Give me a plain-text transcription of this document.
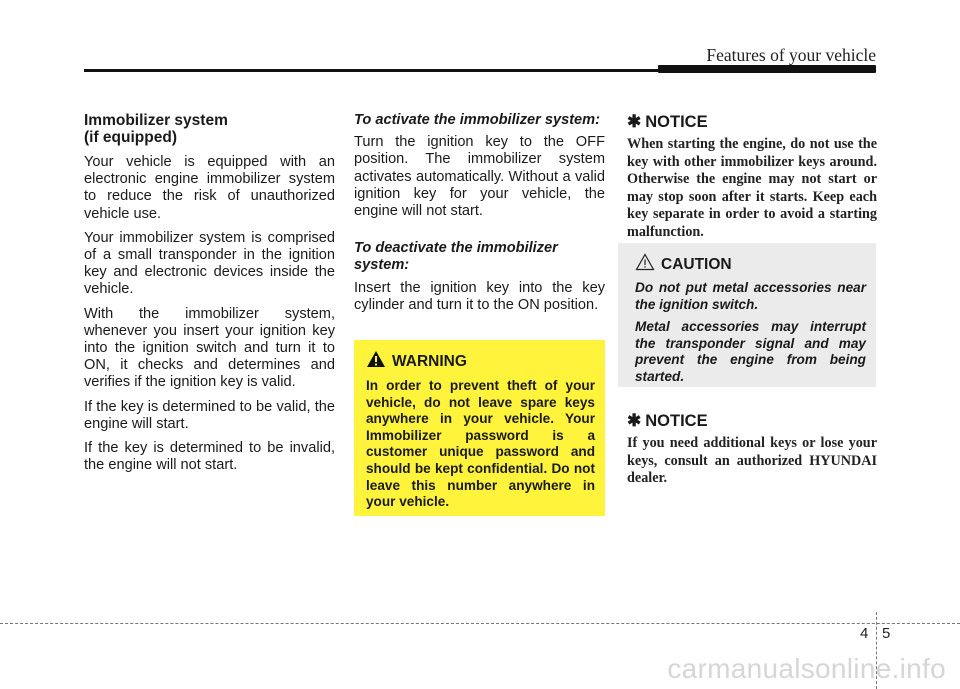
Features of your vehicle
Immobilizer system
(if equipped)

Your vehicle is equipped with an electronic engine immobilizer system to reduce the risk of unauthorized vehicle use.

Your immobilizer system is comprised of a small transponder in the ignition key and electronic devices inside the vehicle.

With the immobilizer system, whenever you insert your ignition key into the ignition switch and turn it to ON, it checks and determines and verifies if the ignition key is valid.

If the key is determined to be valid, the engine will start.

If the key is determined to be invalid, the engine will not start.

To activate the immobilizer system:

Turn the ignition key to the OFF position. The immobilizer system activates automatically. Without a valid ignition key for your vehicle, the engine will not start.

To deactivate the immobilizer system:

Insert the ignition key into the key cylinder and turn it to the ON position.

WARNING
In order to prevent theft of your vehicle, do not leave spare keys anywhere in your vehicle. Your Immobilizer password is a customer unique password and should be kept confidential. Do not leave this number anywhere in your vehicle.
✱ NOTICE
When starting the engine, do not use the key with other immobilizer keys around. Otherwise the engine may not start or may stop soon after it starts. Keep each key separate in order to avoid a starting malfunction.
CAUTION

Do not put metal accessories near the ignition switch.

Metal accessories may interrupt the transponder signal and may prevent the engine from being started.

✱ NOTICE
If you need additional keys or lose your keys, consult an authorized HYUNDAI dealer.
4 5
carmanualsonline.info
